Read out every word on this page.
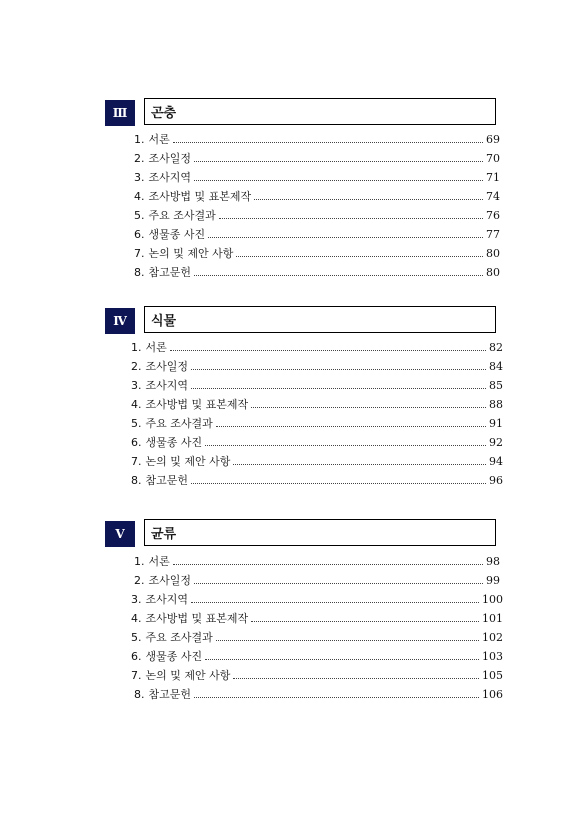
Ⅲ	곤충
1. 서론	69
2. 조사일정	70
3. 조사지역	71
4. 조사방법 및 표본제작	74
5. 주요 조사결과	76
6. 생물종 사진	77
7. 논의 및 제안 사항	80
8. 참고문헌	80
Ⅳ	식물
1. 서론	82
2. 조사일정	84
3. 조사지역	85
4. 조사방법 및 표본제작	88
5. 주요 조사결과	91
6. 생물종 사진	92
7. 논의 및 제안 사항	94
8. 참고문헌	96
Ⅴ	균류
1. 서론	98
2. 조사일정	99
3. 조사지역	100
4. 조사방법 및 표본제작	101
5. 주요 조사결과	102
6. 생물종 사진	103
7. 논의 및 제안 사항	105
8. 참고문헌	106
